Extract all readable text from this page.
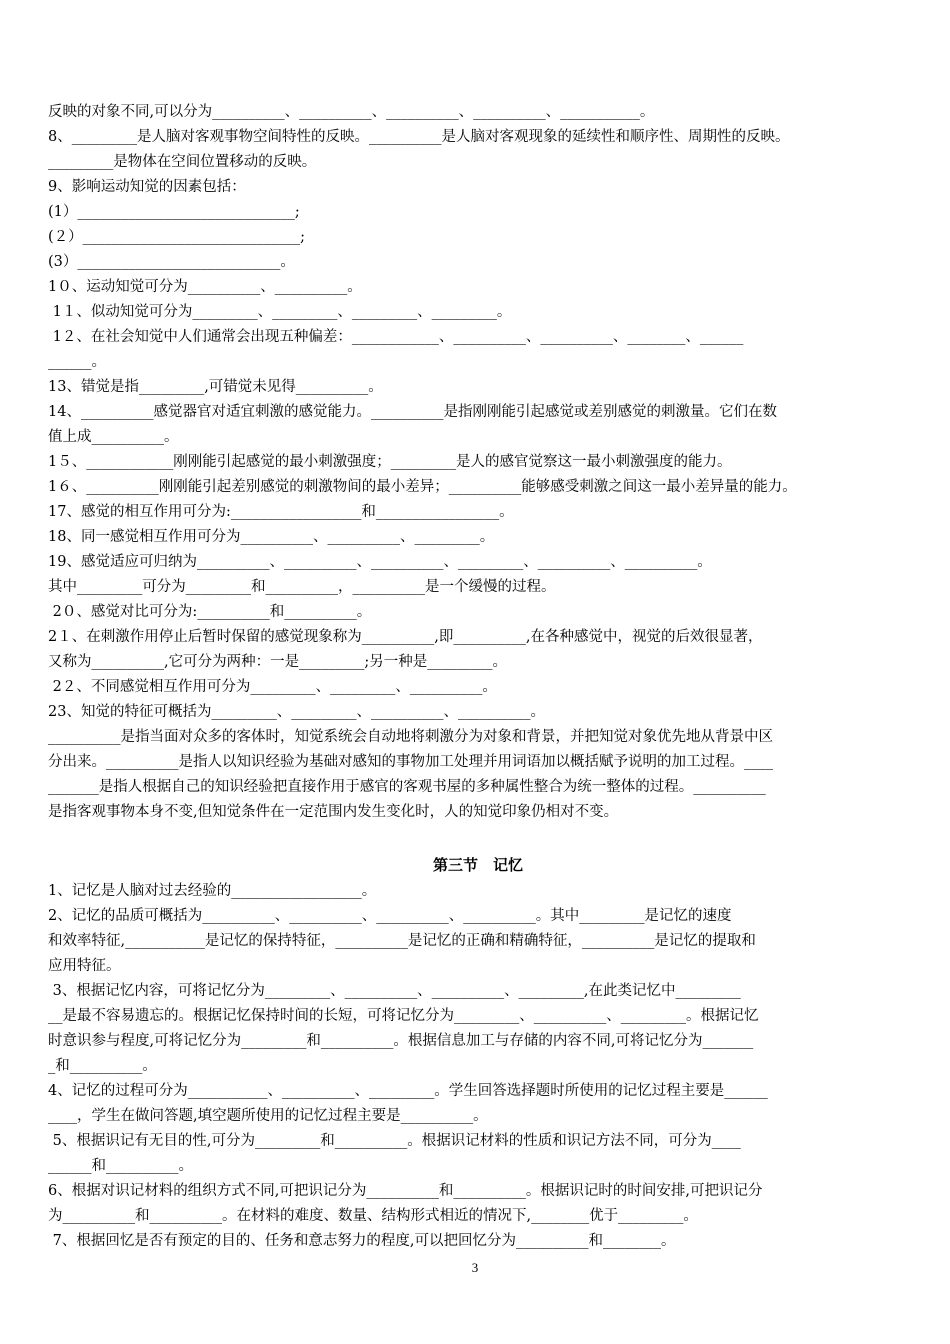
反映的对象不同,可以分为__________、__________、__________、__________、___________。
8、_________是人脑对客观事物空间特性的反映。__________是人脑对客观现象的延续性和顺序性、周期性的反映。
_________是物体在空间位置移动的反映。
9、影响运动知觉的因素包括：
(1）______________________________;
(２）______________________________;
(3）____________________________。
1０、运动知觉可分为__________、__________。
1１、似动知觉可分为_________、_________、_________、_________。
1２、在社会知觉中人们通常会出现五种偏差：____________、__________、__________、________、______
______。
13、错觉是指_________,可错觉未见得__________。
14、__________感觉器官对适宜刺激的感觉能力。__________是指刚刚能引起感觉或差别感觉的刺激量。它们在数
值上成__________。
1５、____________刚刚能引起感觉的最小刺激强度；_________是人的感官觉察这一最小刺激强度的能力。
1６、__________刚刚能引起差别感觉的刺激物间的最小差异；__________能够感受刺激之间这一最小差异量的能力。
17、感觉的相互作用可分为:__________________和_________________。
18、同一感觉相互作用可分为__________、__________、_________。
19、感觉适应可归纳为__________、__________、__________、_________、__________、__________。
其中_________可分为_________和__________，__________是一个缓慢的过程。
2０、感觉对比可分为:__________和__________。
2１、在刺激作用停止后暂时保留的感觉现象称为__________,即__________,在各种感觉中，视觉的后效很显著，
又称为__________,它可分为两种：一是_________;另一种是_________。
2２、不同感觉相互作用可分为_________、_________、__________。
23、知觉的特征可概括为_________、_________、__________、__________。
__________是指当面对众多的客体时，知觉系统会自动地将刺激分为对象和背景，并把知觉对象优先地从背景中区
分出来。__________是指人以知识经验为基础对感知的事物加工处理并用词语加以概括赋予说明的加工过程。____
_______是指人根据自己的知识经验把直接作用于感官的客观书屋的多种属性整合为统一整体的过程。__________
是指客观事物本身不变,但知觉条件在一定范围内发生变化时，人的知觉印象仍相对不变。
第三节　记忆
1、记忆是人脑对过去经验的__________________。
2、记忆的品质可概括为__________、__________、__________、__________。其中_________是记忆的速度
和效率特征,___________是记忆的保持特征，__________是记忆的正确和精确特征，__________是记忆的提取和
应用特征。
3、根据记忆内容，可将记忆分为_________、__________、__________、_________,在此类记忆中_________
__是最不容易遗忘的。根据记忆保持时间的长短，可将记忆分为_________、__________、_________。根据记忆
时意识参与程度,可将记忆分为_________和__________。根据信息加工与存储的内容不同,可将记忆分为_______
_和__________。
4、记忆的过程可分为___________、__________、_________。学生回答选择题时所使用的记忆过程主要是______
____，学生在做问答题,填空题所使用的记忆过程主要是__________。
5、根据识记有无目的性,可分为_________和__________。根据识记材料的性质和识记方法不同，可分为____
______和__________。
6、根据对识记材料的组织方式不同,可把识记分为__________和__________。根据识记时的时间安排,可把识记分
为__________和__________。在材料的难度、数量、结构形式相近的情况下,________优于_________。
7、根据回忆是否有预定的目的、任务和意志努力的程度,可以把回忆分为__________和________。
3
